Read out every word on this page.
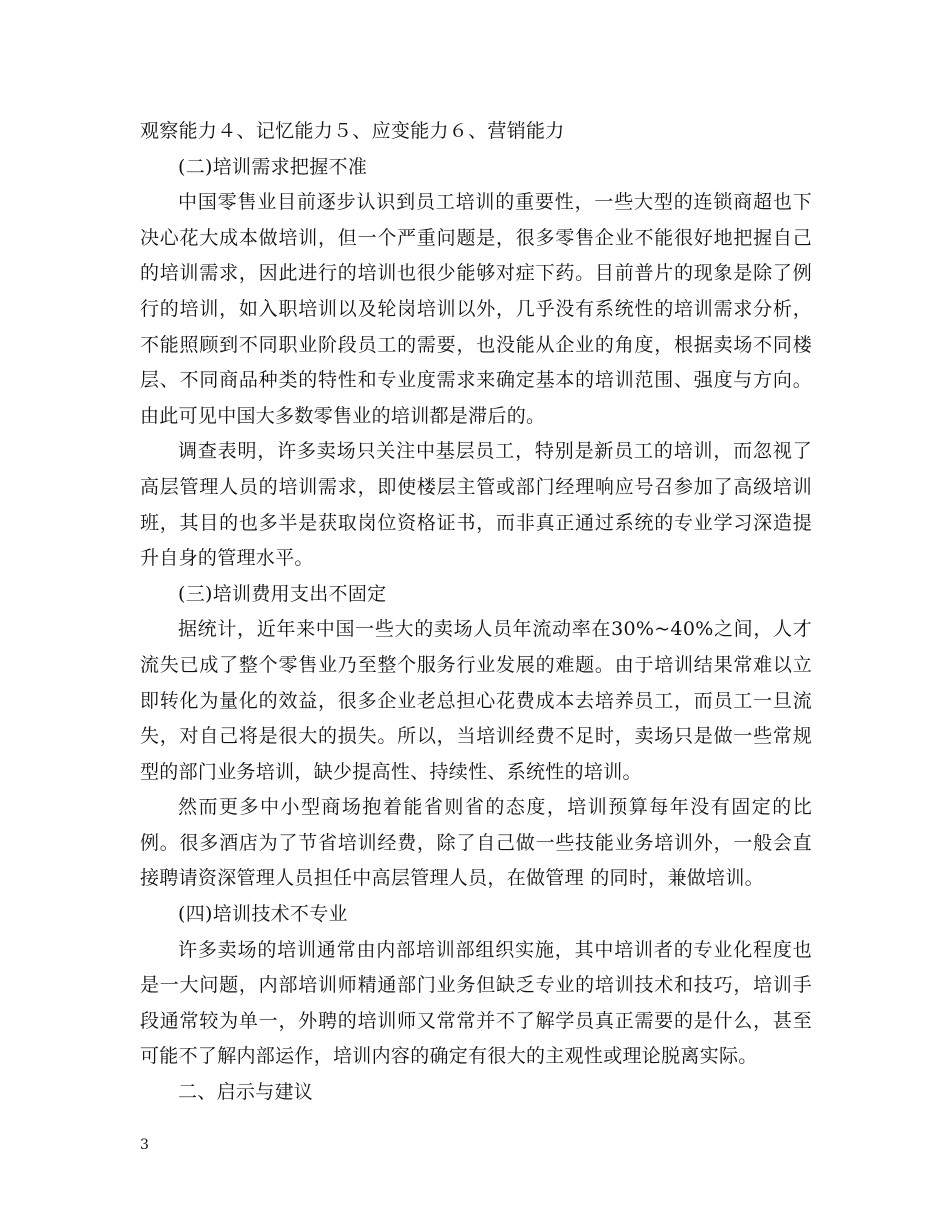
观察能力４、记忆能力５、应变能力６、营销能力

(二)培训需求把握不准

中国零售业目前逐步认识到员工培训的重要性，一些大型的连锁商超也下决心花大成本做培训，但一个严重问题是，很多零售企业不能很好地把握自己的培训需求，因此进行的培训也很少能够对症下药。目前普片的现象是除了例行的培训，如入职培训以及轮岗培训以外，几乎没有系统性的培训需求分析，不能照顾到不同职业阶段员工的需要，也没能从企业的角度，根据卖场不同楼层、不同商品种类的特性和专业度需求来确定基本的培训范围、强度与方向。由此可见中国大多数零售业的培训都是滞后的。

调查表明，许多卖场只关注中基层员工，特别是新员工的培训，而忽视了高层管理人员的培训需求，即使楼层主管或部门经理响应号召参加了高级培训班，其目的也多半是获取岗位资格证书，而非真正通过系统的专业学习深造提升自身的管理水平。

(三)培训费用支出不固定

据统计，近年来中国一些大的卖场人员年流动率在30%~40%之间，人才流失已成了整个零售业乃至整个服务行业发展的难题。由于培训结果常难以立即转化为量化的效益，很多企业老总担心花费成本去培养员工，而员工一旦流失，对自己将是很大的损失。所以，当培训经费不足时，卖场只是做一些常规型的部门业务培训，缺少提高性、持续性、系统性的培训。

然而更多中小型商场抱着能省则省的态度，培训预算每年没有固定的比例。很多酒店为了节省培训经费，除了自己做一些技能业务培训外，一般会直接聘请资深管理人员担任中高层管理人员，在做管理 的同时，兼做培训。

(四)培训技术不专业

许多卖场的培训通常由内部培训部组织实施，其中培训者的专业化程度也是一大问题，内部培训师精通部门业务但缺乏专业的培训技术和技巧，培训手段通常较为单一，外聘的培训师又常常并不了解学员真正需要的是什么，甚至可能不了解内部运作，培训内容的确定有很大的主观性或理论脱离实际。

二、启示与建议

3
